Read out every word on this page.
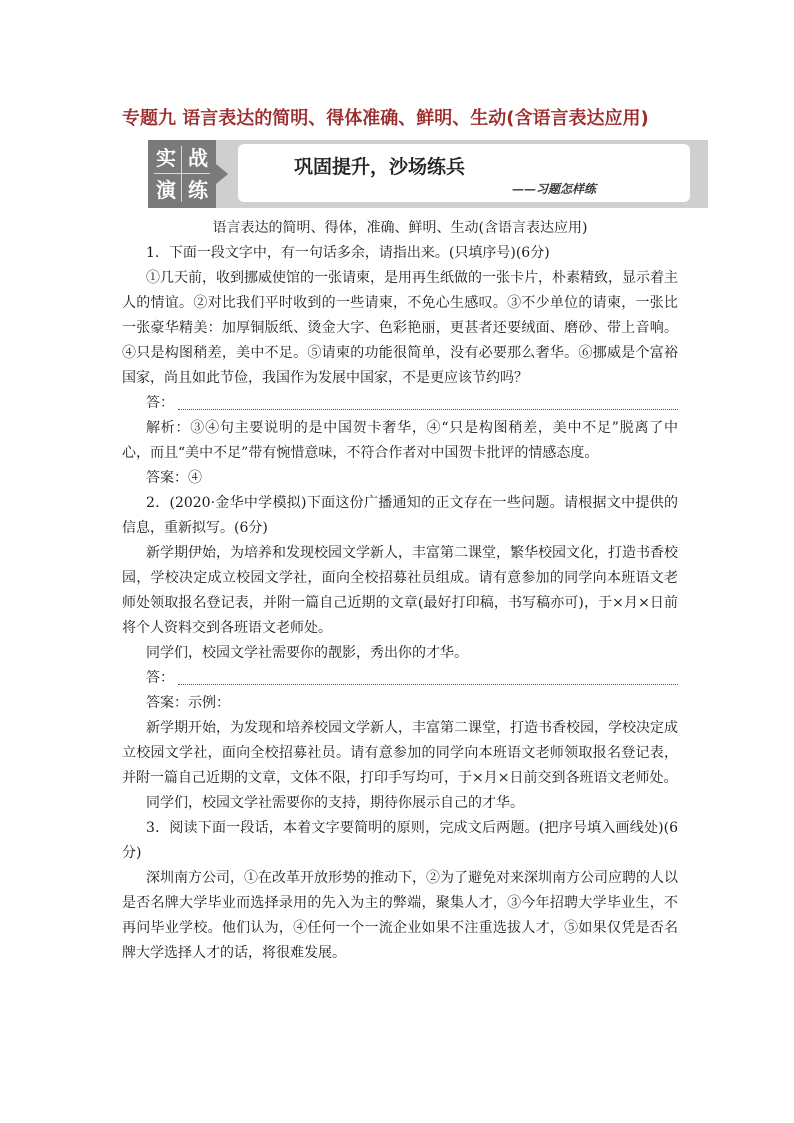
专题九 语言表达的简明、得体准确、鲜明、生动(含语言表达应用)
实 战
演 练
巩固提升，沙场练兵
——习题怎样练

语言表达的简明、得体，准确、鲜明、生动(含语言表达应用)

1．下面一段文字中，有一句话多余，请指出来。(只填序号)(6分)

①几天前，收到挪威使馆的一张请柬，是用再生纸做的一张卡片，朴素精致，显示着主人的情谊。②对比我们平时收到的一些请柬，不免心生感叹。③不少单位的请柬，一张比一张豪华精美：加厚铜版纸、烫金大字、色彩艳丽，更甚者还要绒面、磨砂、带上音响。④只是构图稍差，美中不足。⑤请柬的功能很简单，没有必要那么奢华。⑥挪威是个富裕国家，尚且如此节俭，我国作为发展中国家，不是更应该节约吗？

答：

解析：③④句主要说明的是中国贺卡奢华，④“只是构图稍差，美中不足”脱离了中心，而且“美中不足”带有惋惜意味，不符合作者对中国贺卡批评的情感态度。

答案：④

2．(2020·金华中学模拟)下面这份广播通知的正文存在一些问题。请根据文中提供的信息，重新拟写。(6分)

新学期伊始，为培养和发现校园文学新人，丰富第二课堂，繁华校园文化，打造书香校园，学校决定成立校园文学社，面向全校招募社员组成。请有意参加的同学向本班语文老师处领取报名登记表，并附一篇自己近期的文章(最好打印稿，书写稿亦可)，于×月×日前将个人资料交到各班语文老师处。

同学们，校园文学社需要你的靓影，秀出你的才华。

答：

答案：示例：

新学期开始，为发现和培养校园文学新人，丰富第二课堂，打造书香校园，学校决定成立校园文学社，面向全校招募社员。请有意参加的同学向本班语文老师领取报名登记表，并附一篇自己近期的文章，文体不限，打印手写均可，于×月×日前交到各班语文老师处。

同学们，校园文学社需要你的支持，期待你展示自己的才华。

3．阅读下面一段话，本着文字要简明的原则，完成文后两题。(把序号填入画线处)(6分)

深圳南方公司，①在改革开放形势的推动下，②为了避免对来深圳南方公司应聘的人以是否名牌大学毕业而选择录用的先入为主的弊端，聚集人才，③今年招聘大学毕业生，不再问毕业学校。他们认为，④任何一个一流企业如果不注重选拔人才，⑤如果仅凭是否名牌大学选择人才的话，将很难发展。
